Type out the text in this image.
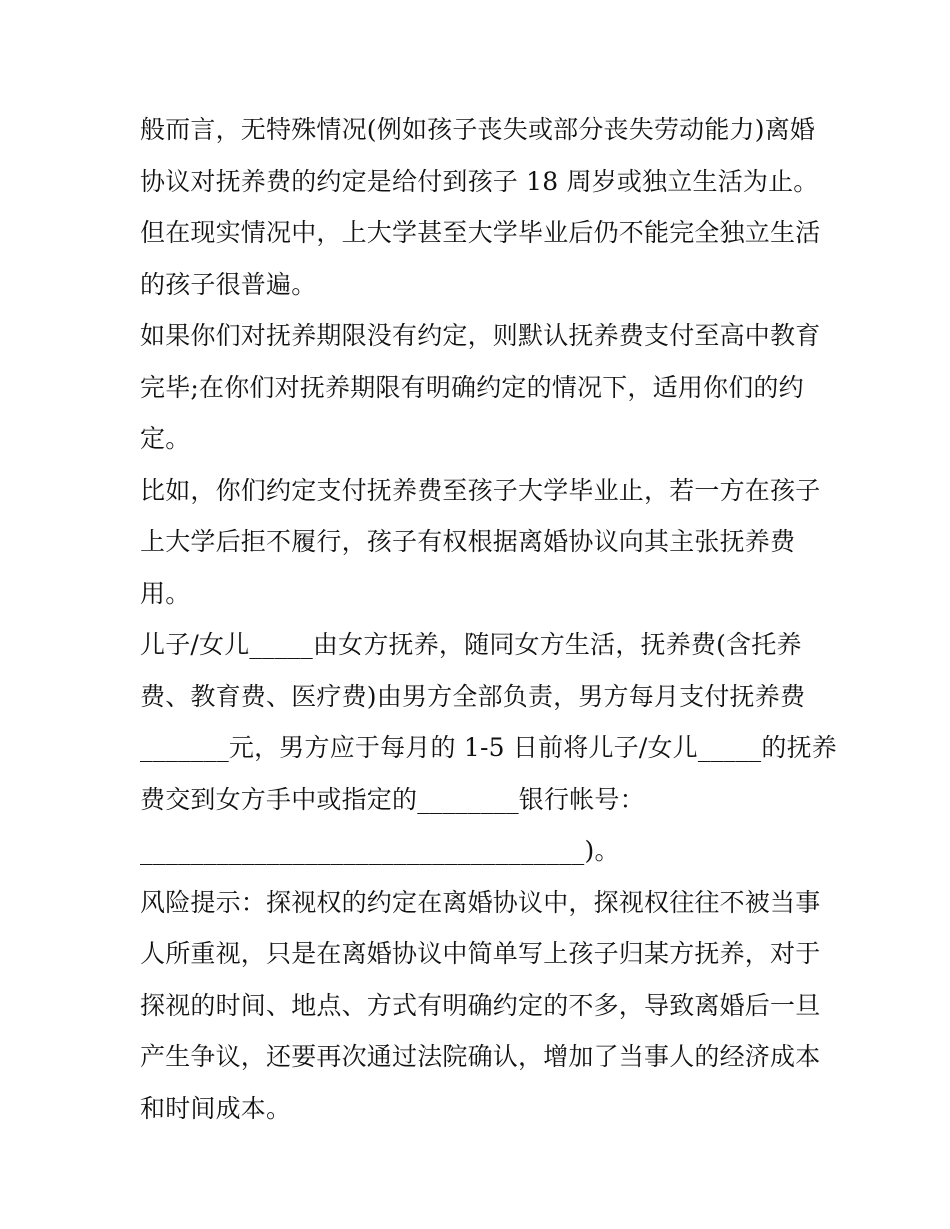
般而言，无特殊情况(例如孩子丧失或部分丧失劳动能力)离婚
协议对抚养费的约定是给付到孩子 18 周岁或独立生活为止。
但在现实情况中，上大学甚至大学毕业后仍不能完全独立生活
的孩子很普遍。
如果你们对抚养期限没有约定，则默认抚养费支付至高中教育
完毕;在你们对抚养期限有明确约定的情况下，适用你们的约
定。
比如，你们约定支付抚养费至孩子大学毕业止，若一方在孩子
上大学后拒不履行，孩子有权根据离婚协议向其主张抚养费
用。
儿子/女儿_____由女方抚养，随同女方生活，抚养费(含托养
费、教育费、医疗费)由男方全部负责，男方每月支付抚养费
_______元，男方应于每月的 1-5 日前将儿子/女儿_____的抚养
费交到女方手中或指定的________银行帐号：
___________________________________)。
风险提示：探视权的约定在离婚协议中，探视权往往不被当事
人所重视，只是在离婚协议中简单写上孩子归某方抚养，对于
探视的时间、地点、方式有明确约定的不多，导致离婚后一旦
产生争议，还要再次通过法院确认，增加了当事人的经济成本
和时间成本。
